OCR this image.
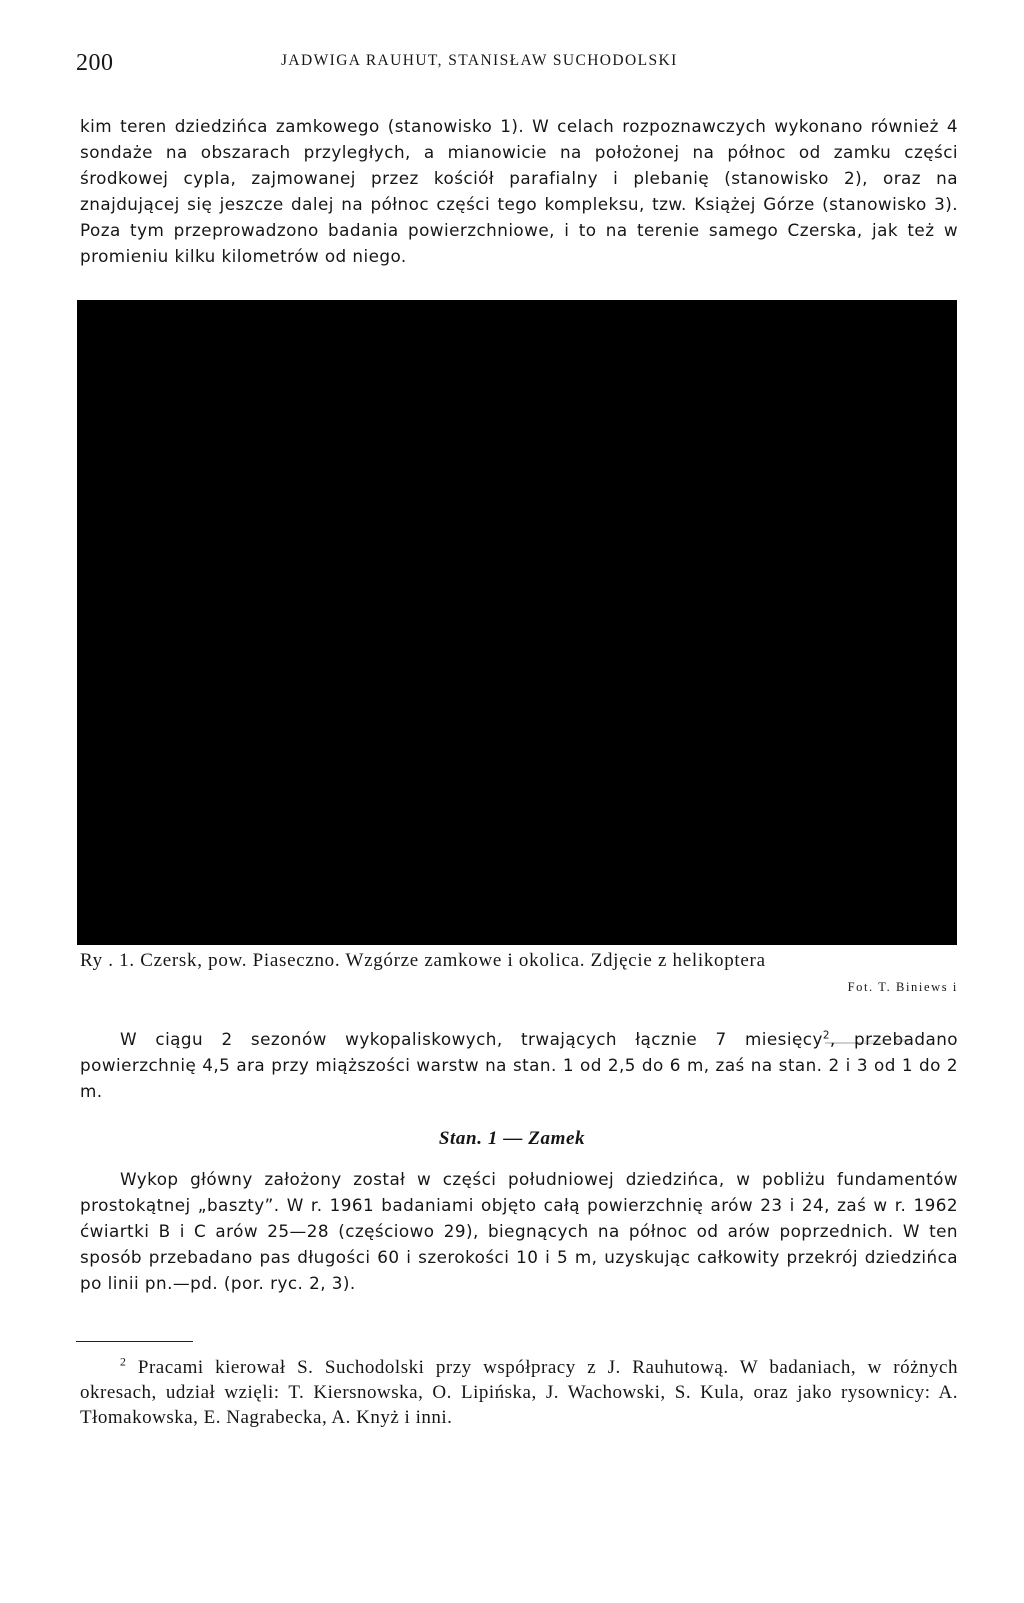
200	JADWIGA RAUHUT, STANISŁAW SUCHODOLSKI

kim teren dziedzińca zamkowego (stanowisko 1). W celach rozpoznawczych wykonano również 4 sondaże na obszarach przyległych, a mianowicie na położonej na północ od zamku części środkowej cypla, zajmowanej przez kościół parafialny i plebanię (stanowisko 2), oraz na znajdującej się jeszcze dalej na północ części tego kompleksu, tzw. Książej Górze (stanowisko 3). Poza tym przeprowadzono badania powierzchniowe, i to na terenie samego Czerska, jak też w promieniu kilku kilometrów od niego.

Ry . 1. Czersk, pow. Piaseczno. Wzgórze zamkowe i okolica. Zdjęcie z helikoptera

Fot. T. Biniews i

W ciągu 2 sezonów wykopaliskowych, trwających łącznie 7 miesięcy$^2$, przebadano powierzchnię 4,5 ara przy miąższości warstw na stan. 1 od 2,5 do 6 m, zaś na stan. 2 i 3 od 1 do 2 m.

Stan. 1 — Zamek

Wykop główny założony został w części południowej dziedzińca, w pobliżu fundamentów prostokątnej „baszty”. W r. 1961 badaniami objęto całą powierzchnię arów 23 i 24, zaś w r. 1962 ćwiartki B i C arów 25—28 (częściowo 29), biegnących na północ od arów poprzednich. W ten sposób przebadano pas długości 60 i szerokości 10 i 5 m, uzyskując całkowity przekrój dziedzińca po linii pn.—pd. (por. ryc. 2, 3).

$^2$ Pracami kierował S. Suchodolski przy współpracy z J. Rauhutową. W badaniach, w różnych okresach, udział wzięli: T. Kiersnowska, O. Lipińska, J. Wachowski, S. Kula, oraz jako rysownicy: A. Tłomakowska, E. Nagrabecka, A. Knyż i inni.
